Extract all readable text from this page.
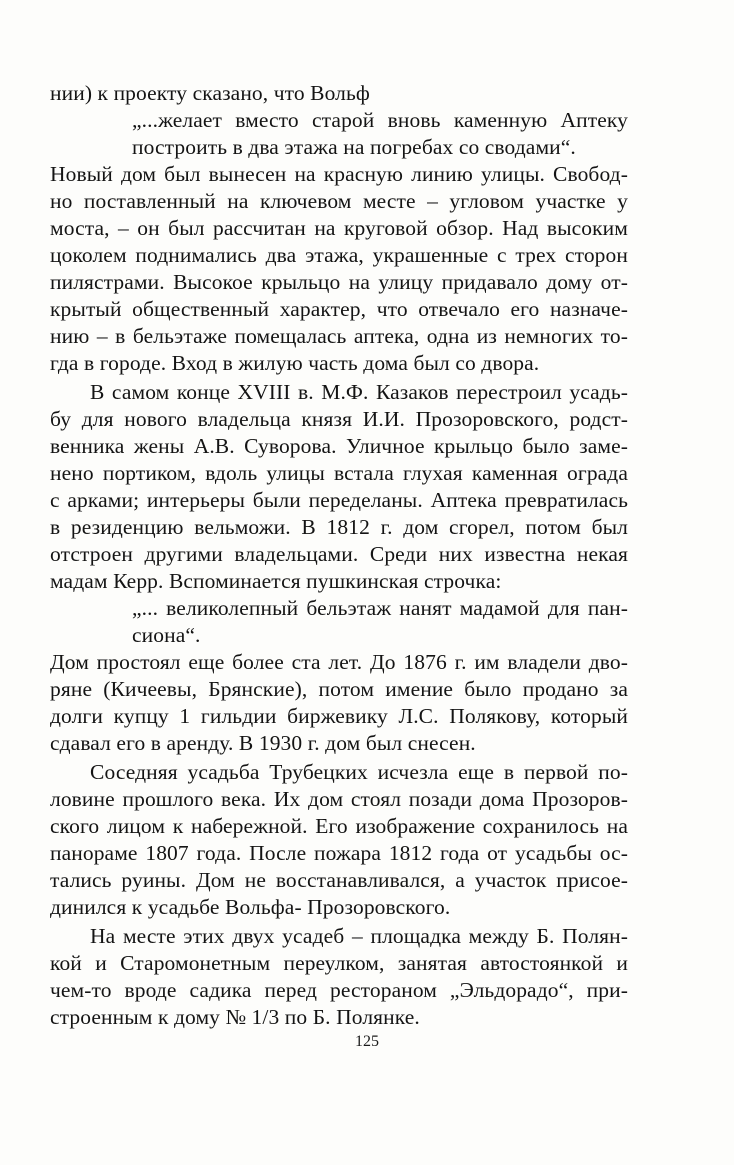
нии) к проекту сказано, что Вольф
„...желает вместо старой вновь каменную Аптеку
построить в два этажа на погребах со сводами“.
Новый дом был вынесен на красную линию улицы. Свобод-
но поставленный на ключевом месте – угловом участке у
моста, – он был рассчитан на круговой обзор. Над высоким
цоколем поднимались два этажа, украшенные с трех сторон
пилястрами. Высокое крыльцо на улицу придавало дому от-
крытый общественный характер, что отвечало его назначе-
нию – в бельэтаже помещалась аптека, одна из немногих то-
гда в городе. Вход в жилую часть дома был со двора.
В самом конце XVIII в. М.Ф. Казаков перестроил усадь-
бу для нового владельца князя И.И. Прозоровского, родст-
венника жены А.В. Суворова. Уличное крыльцо было заме-
нено портиком, вдоль улицы встала глухая каменная ограда
с арками; интерьеры были переделаны. Аптека превратилась
в резиденцию вельможи. В 1812 г. дом сгорел, потом был
отстроен другими владельцами. Среди них известна некая
мадам Керр. Вспоминается пушкинская строчка:
„... великолепный бельэтаж нанят мадамой для пан-
сиона“.
Дом простоял еще более ста лет. До 1876 г. им владели дво-
ряне (Кичеевы, Брянские), потом имение было продано за
долги купцу 1 гильдии биржевику Л.С. Полякову, который
сдавал его в аренду. В 1930 г. дом был снесен.
Соседняя усадьба Трубецких исчезла еще в первой по-
ловине прошлого века. Их дом стоял позади дома Прозоров-
ского лицом к набережной. Его изображение сохранилось на
панораме 1807 года. После пожара 1812 года от усадьбы ос-
тались руины. Дом не восстанавливался, а участок присое-
динился к усадьбе Вольфа- Прозоровского.
На месте этих двух усадеб – площадка между Б. Полян-
кой и Старомонетным переулком, занятая автостоянкой и
чем-то вроде садика перед рестораном „Эльдорадо“, при-
строенным к дому № 1/3 по Б. Полянке.
125
